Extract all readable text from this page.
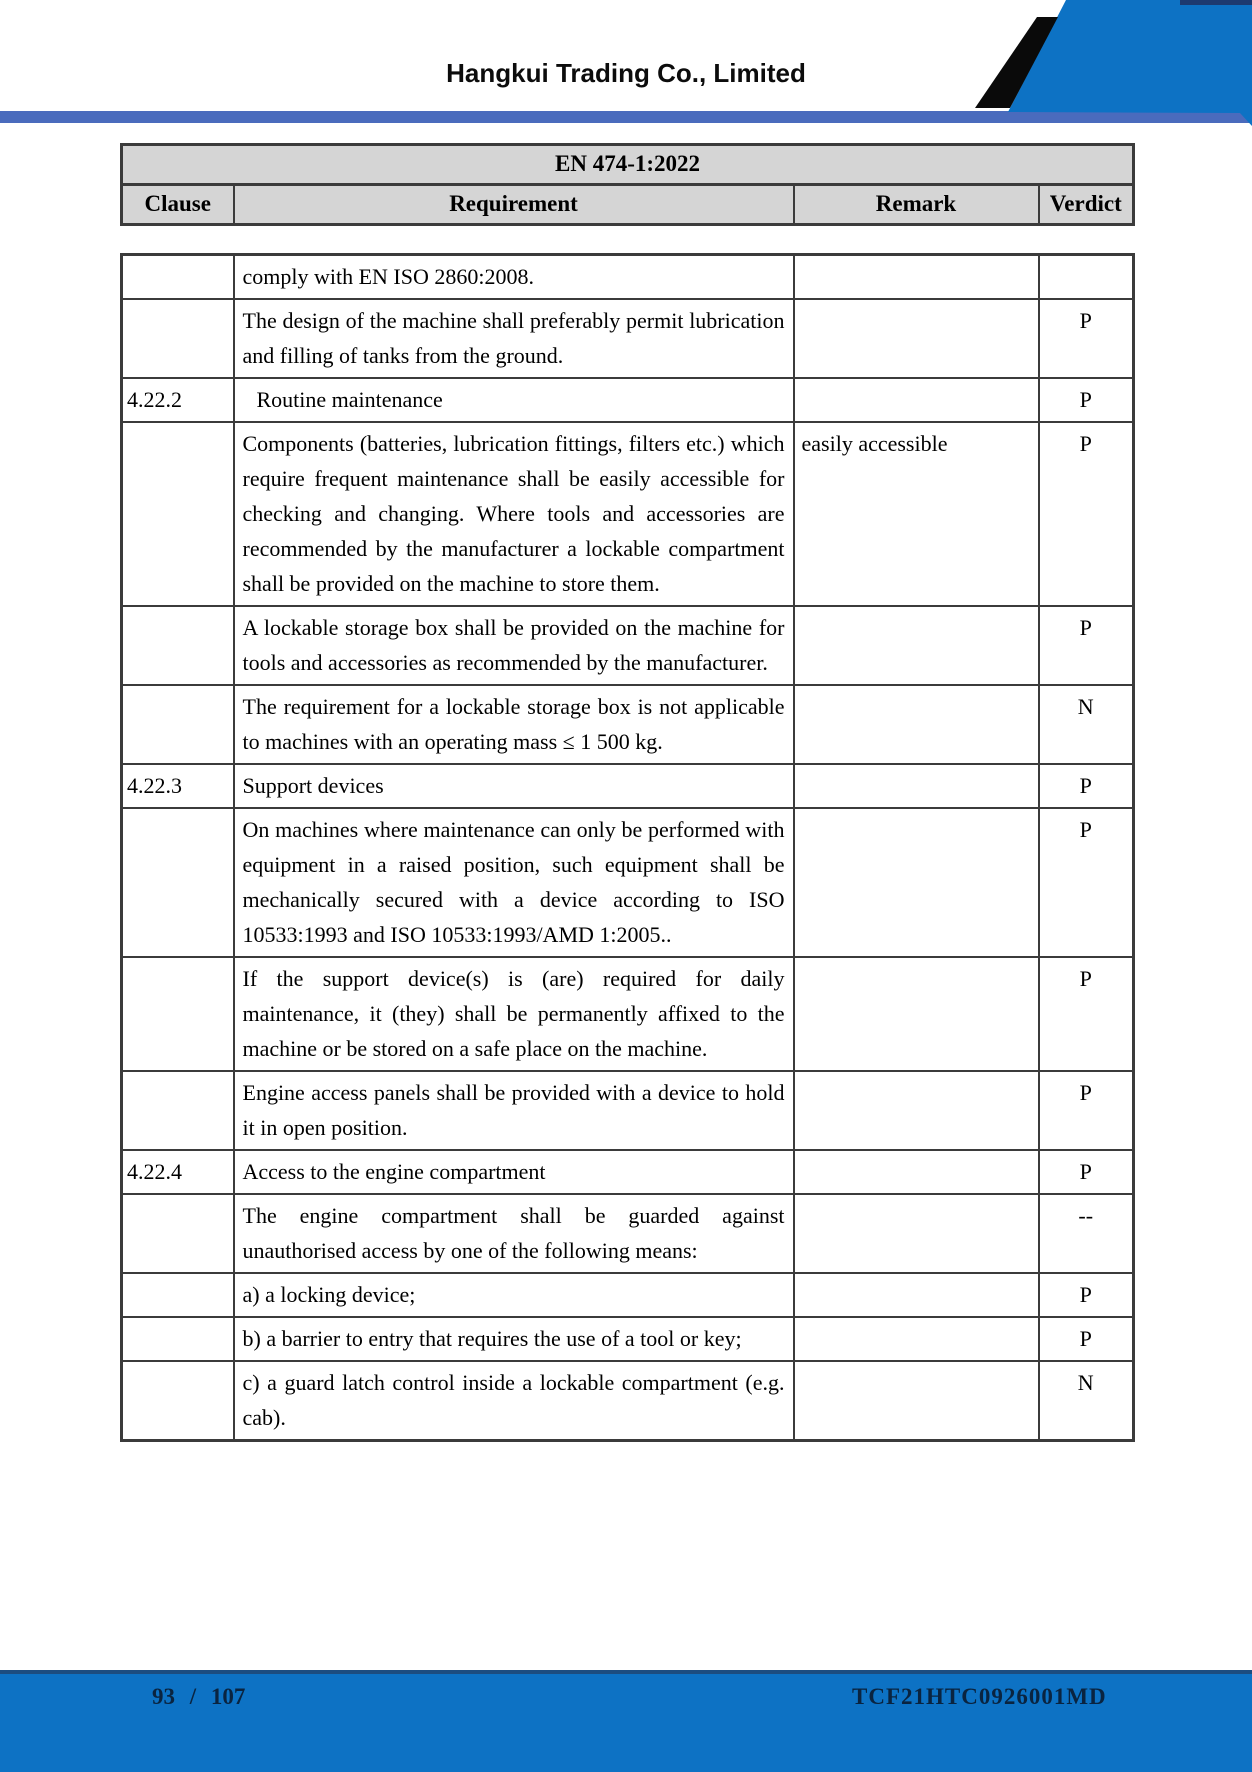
Hangkui Trading Co., Limited
EN 474-1:2022
Clause	Requirement	Remark	Verdict
	comply with EN ISO 2860:2008.		
	The design of the machine shall preferably permit lubrication and filling of tanks from the ground.		P
4.22.2	Routine maintenance		P
	Components (batteries, lubrication fittings, filters etc.) which require frequent maintenance shall be easily accessible for checking and changing. Where tools and accessories are recommended by the manufacturer a lockable compartment shall be provided on the machine to store them.	easily accessible	P
	A lockable storage box shall be provided on the machine for tools and accessories as recommended by the manufacturer.		P
	The requirement for a lockable storage box is not applicable to machines with an operating mass ≤ 1 500 kg.		N
4.22.3	Support devices		P
	On machines where maintenance can only be performed with equipment in a raised position, such equipment shall be mechanically secured with a device according to ISO 10533:1993 and ISO 10533:1993/AMD 1:2005..		P
	If the support device(s) is (are) required for daily maintenance, it (they) shall be permanently affixed to the machine or be stored on a safe place on the machine.		P
	Engine access panels shall be provided with a device to hold it in open position.		P
4.22.4	Access to the engine compartment		P
	The engine compartment shall be guarded against unauthorised access by one of the following means:		--
	a) a locking device;		P
	b) a barrier to entry that requires the use of a tool or key;		P
	c) a guard latch control inside a lockable compartment (e.g. cab).		N
93 / 107	TCF21HTC0926001MD
